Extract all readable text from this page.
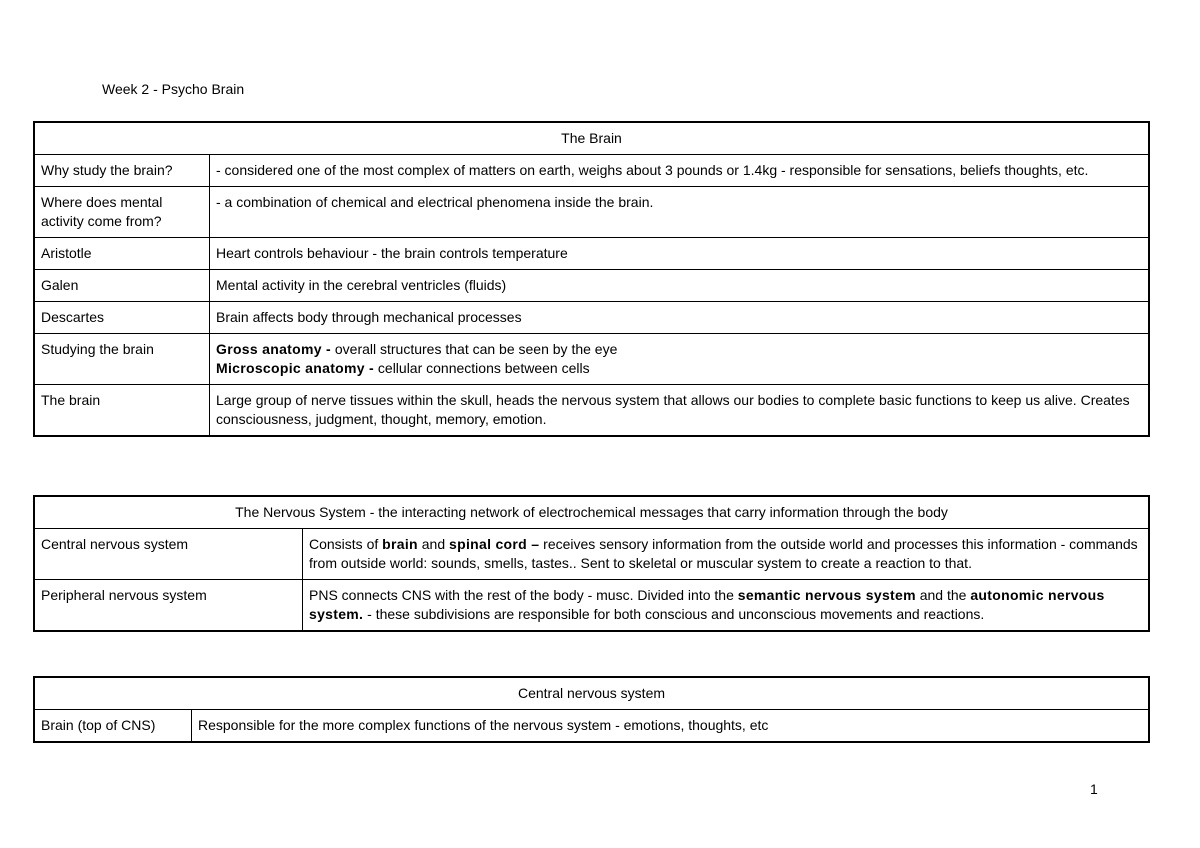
Week 2 - Psycho Brain
The Brain	
Why study the brain?	- considered one of the most complex of matters on earth, weighs about 3 pounds or 1.4kg - responsible for sensations, beliefs thoughts, etc.
Where does mental activity come from?	- a combination of chemical and electrical phenomena inside the brain.
Aristotle	Heart controls behaviour - the brain controls temperature
Galen	Mental activity in the cerebral ventricles (fluids)
Descartes	Brain affects body through mechanical processes
Studying the brain	Gross anatomy - overall structures that can be seen by the eye
Microscopic anatomy - cellular connections between cells
The brain	Large group of nerve tissues within the skull, heads the nervous system that allows our bodies to complete basic functions to keep us alive. Creates consciousness, judgment, thought, memory, emotion.
The Nervous System - the interacting network of electrochemical messages that carry information through the body	
Central nervous system	Consists of brain and spinal cord – receives sensory information from the outside world and processes this information - commands from outside world: sounds, smells, tastes.. Sent to skeletal or muscular system to create a reaction to that.
Peripheral nervous system	PNS connects CNS with the rest of the body - musc. Divided into the semantic nervous system and the autonomic nervous system. - these subdivisions are responsible for both conscious and unconscious movements and reactions.
Central nervous system
Brain (top of CNS)	Responsible for the more complex functions of the nervous system - emotions, thoughts, etc
1
